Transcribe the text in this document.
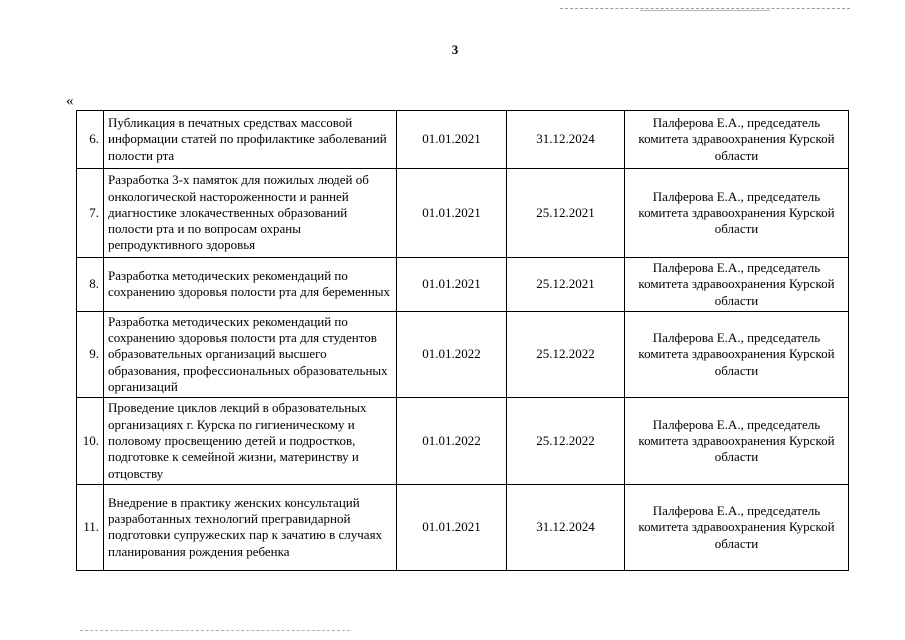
3
«
6.	Публикация в печатных средствах массовой информации статей по профилактике заболеваний полости рта	01.01.2021	31.12.2024	Палферова Е.А., председатель комитета здравоохранения Курской области
7.	Разработка 3-х памяток для пожилых людей об онкологической настороженности и ранней диагностике злокачественных образований полости рта и по вопросам охраны репродуктивного здоровья	01.01.2021	25.12.2021	Палферова Е.А., председатель комитета здравоохранения Курской области
8.	Разработка методических рекомендаций по сохранению здоровья полости рта для беременных	01.01.2021	25.12.2021	Палферова Е.А., председатель комитета здравоохранения Курской области
9.	Разработка методических рекомендаций по сохранению здоровья полости рта для студентов образовательных организаций высшего образования, профессиональных образовательных организаций	01.01.2022	25.12.2022	Палферова Е.А., председатель комитета здравоохранения Курской области
10.	Проведение циклов лекций в образовательных организациях г. Курска по гигиеническому и половому просвещению детей и подростков, подготовке к семейной жизни, материнству и отцовству	01.01.2022	25.12.2022	Палферова Е.А., председатель комитета здравоохранения Курской области
11.	Внедрение в практику женских консультаций разработанных технологий прегравидарной подготовки супружеских пар к зачатию в случаях планирования рождения ребенка	01.01.2021	31.12.2024	Палферова Е.А., председатель комитета здравоохранения Курской области
